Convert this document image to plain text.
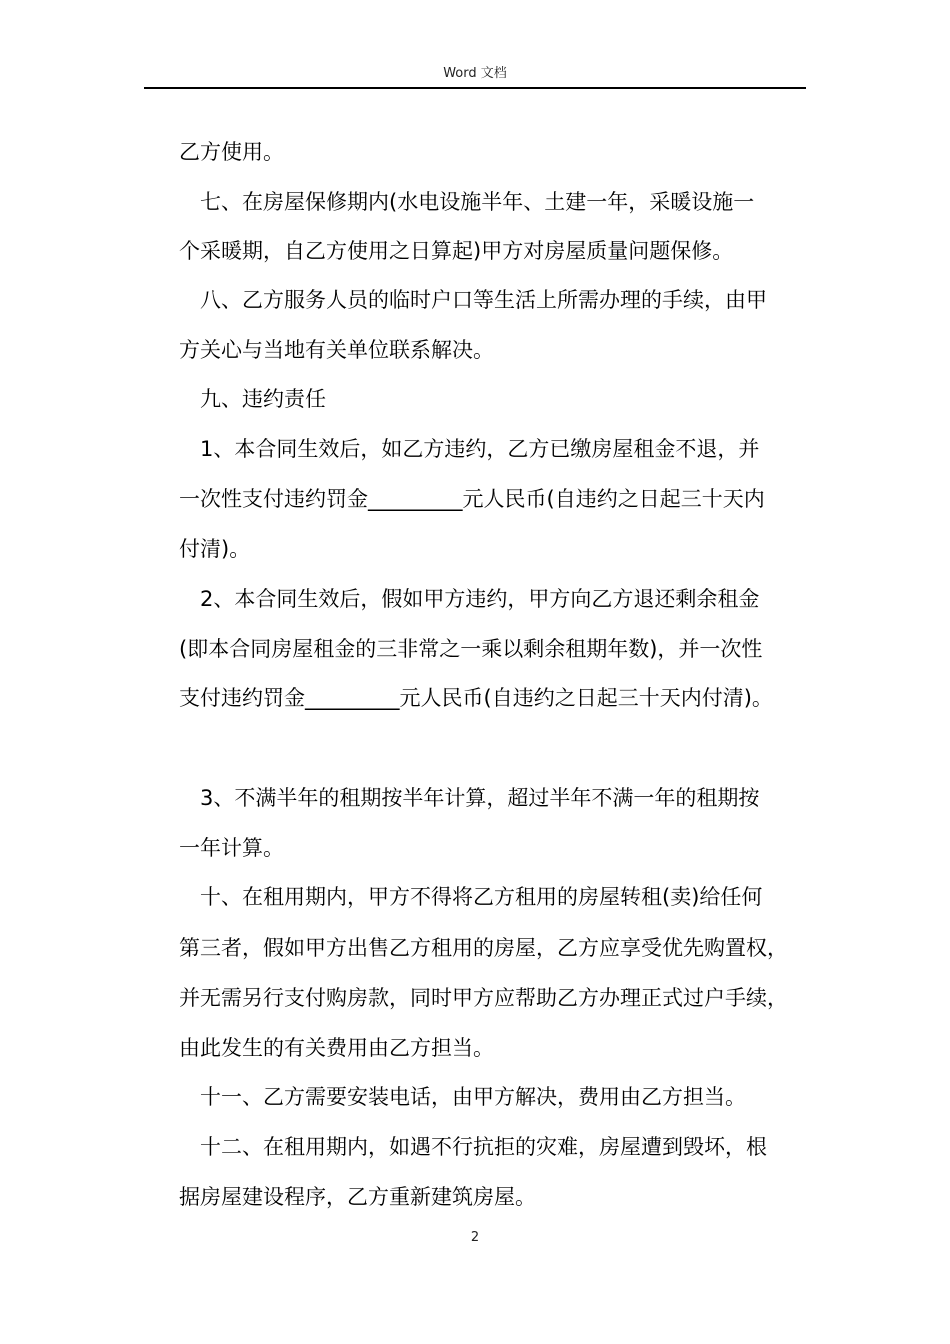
Word 文档
乙方使用。
七、在房屋保修期内(水电设施半年、土建一年，采暖设施一
个采暖期，自乙方使用之日算起)甲方对房屋质量问题保修。
八、乙方服务人员的临时户口等生活上所需办理的手续，由甲
方关心与当地有关单位联系解决。
九、违约责任
1、本合同生效后，如乙方违约，乙方已缴房屋租金不退，并
一次性支付违约罚金_________元人民币(自违约之日起三十天内
付清)。
2、本合同生效后，假如甲方违约，甲方向乙方退还剩余租金
(即本合同房屋租金的三非常之一乘以剩余租期年数)，并一次性
支付违约罚金_________元人民币(自违约之日起三十天内付清)。
3、不满半年的租期按半年计算，超过半年不满一年的租期按
一年计算。
十、在租用期内，甲方不得将乙方租用的房屋转租(卖)给任何
第三者，假如甲方出售乙方租用的房屋，乙方应享受优先购置权，
并无需另行支付购房款，同时甲方应帮助乙方办理正式过户手续，
由此发生的有关费用由乙方担当。
十一、乙方需要安装电话，由甲方解决，费用由乙方担当。
十二、在租用期内，如遇不行抗拒的灾难，房屋遭到毁坏，根
据房屋建设程序，乙方重新建筑房屋。
2
